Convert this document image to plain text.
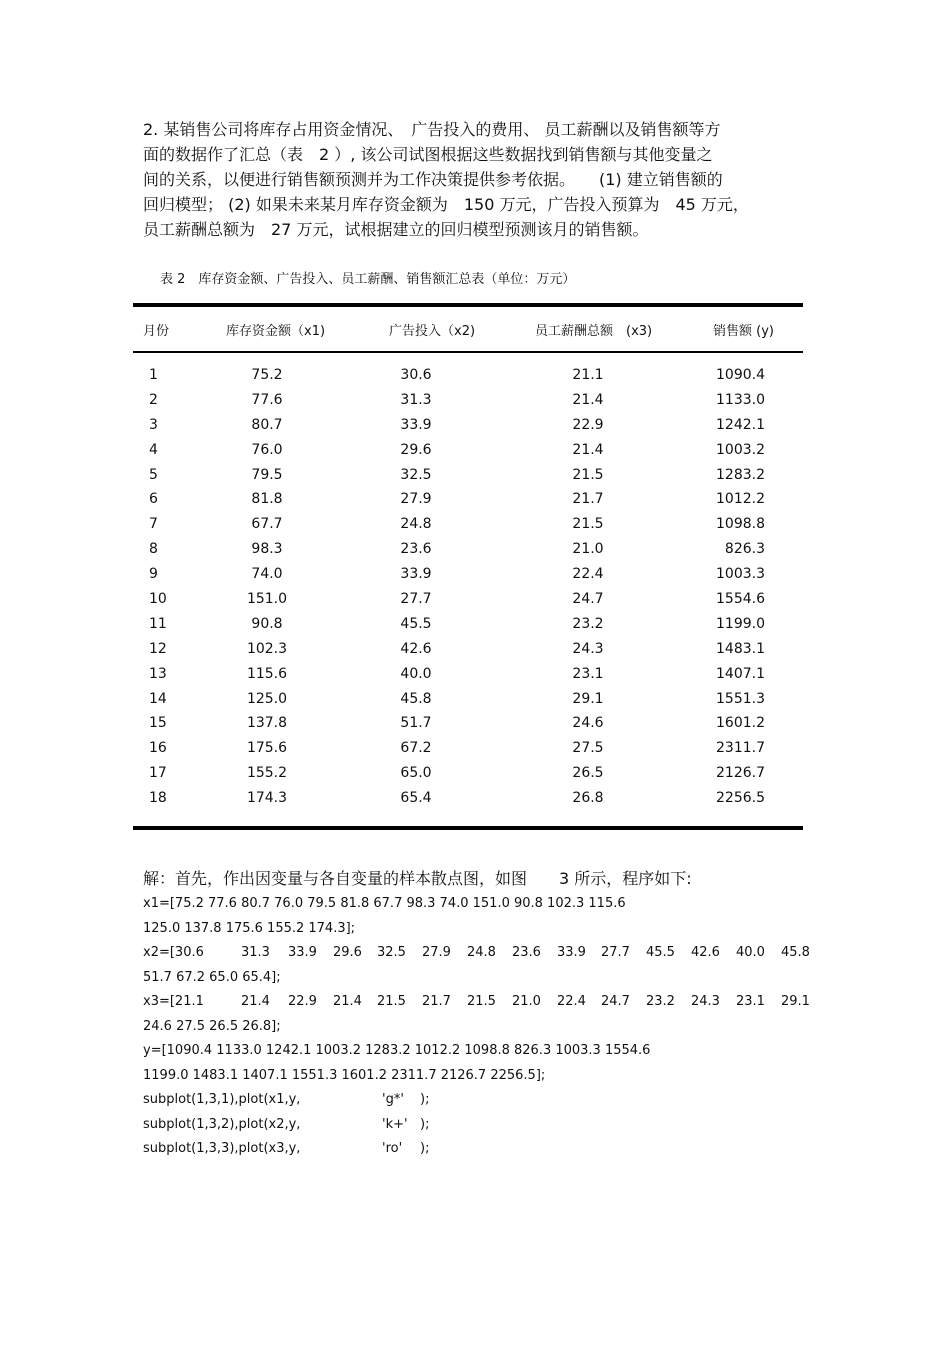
2. 某销售公司将库存占用资金情况、　广告投入的费用、 员工薪酬以及销售额等方

面的数据作了汇总（表　2 ）, 该公司试图根据这些数据找到销售额与其他变量之

间的关系，以便进行销售额预测并为工作决策提供参考依据。　　(1) 建立销售额的

回归模型； (2) 如果未来某月库存资金额为　150 万元，广告投入预算为　45 万元，

员工薪酬总额为　27 万元，试根据建立的回归模型预测该月的销售额。

表 2　库存资金额、广告投入、员工薪酬、销售额汇总表（单位：万元）
月份	库存资金额（x1)	广告投入（x2)	员工薪酬总额　(x3)	销售额 (y)
1	75.2	30.6	21.1	1090.4
2	77.6	31.3	21.4	1133.0
3	80.7	33.9	22.9	1242.1
4	76.0	29.6	21.4	1003.2
5	79.5	32.5	21.5	1283.2
6	81.8	27.9	21.7	1012.2
7	67.7	24.8	21.5	1098.8
8	98.3	23.6	21.0	826.3
9	74.0	33.9	22.4	1003.3
10	151.0	27.7	24.7	1554.6
11	90.8	45.5	23.2	1199.0
12	102.3	42.6	24.3	1483.1
13	115.6	40.0	23.1	1407.1
14	125.0	45.8	29.1	1551.3
15	137.8	51.7	24.6	1601.2
16	175.6	67.2	27.5	2311.7
17	155.2	65.0	26.5	2126.7
18	174.3	65.4	26.8	2256.5
解：首先，作出因变量与各自变量的样本散点图，如图　　3 所示，程序如下:
x1=[75.2 77.6 80.7 76.0 79.5 81.8 67.7 98.3 74.0 151.0 90.8 102.3 115.6
125.0 137.8 175.6 155.2 174.3];
x2=[30.6	31.3 33.9 29.6 32.5 27.9 24.8 23.6 33.9 27.7 45.5 42.6 40.0 45.8
51.7 67.2 65.0 65.4];
x3=[21.1	21.4 22.9 21.4 21.5 21.7 21.5 21.0 22.4 24.7 23.2 24.3 23.1 29.1
24.6 27.5 26.5 26.8];
y=[1090.4 1133.0 1242.1 1003.2 1283.2 1012.2 1098.8 826.3 1003.3 1554.6
1199.0 1483.1 1407.1 1551.3 1601.2 2311.7 2126.7 2256.5];
subplot(1,3,1),plot(x1,y,	'g*' );
subplot(1,3,2),plot(x2,y,	'k+' );
subplot(1,3,3),plot(x3,y,	'ro' );
